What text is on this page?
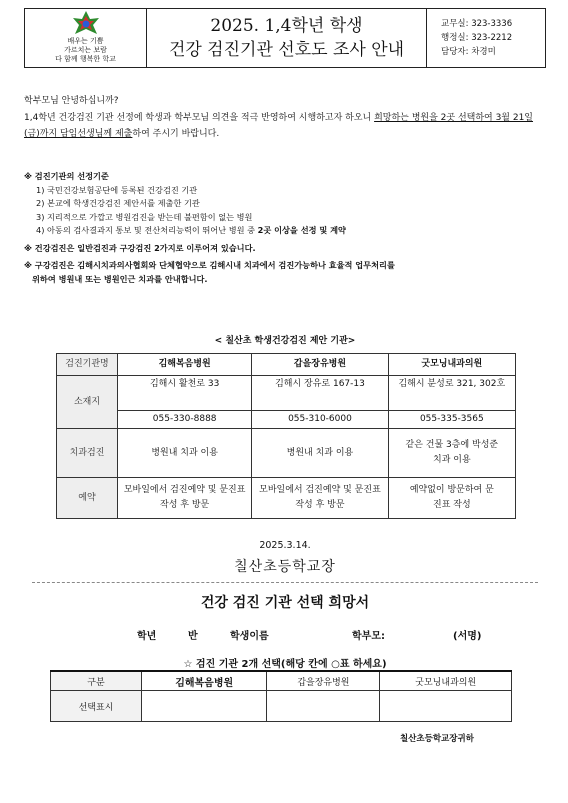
배우는 기쁨
가르치는 보람
다 함께 행복한 학교
2025. 1,4학년 학생
건강 검진기관 선호도 조사 안내
교무실: 323-3336
행정실: 323-2212
담당자: 차경미
학부모님 안녕하십니까?
1,4학년 건강검진 기관 선정에 학생과 학부모님 의견을 적극 반영하여 시행하고자 하오니 희망하는 병원을 2곳 선택하여 3월 21일(금)까지 담임선생님께 제출하여 주시기 바랍니다.
※ 검진기관의 선정기준
1) 국민건강보험공단에 등록된 건강검진 기관
2) 본교에 학생건강검진 제안서를 제출한 기관
3) 지리적으로 가깝고 병원검진을 받는데 불편함이 없는 병원
4) 아동의 검사결과지 통보 및 전산처리능력이 뛰어난 병원 중 2곳 이상을 선정 및 계약
※ 건강검진은 일반검진과 구강검진 2가지로 이루어져 있습니다.
※ 구강검진은 김해시치과의사협회와 단체협약으로 김해시내 치과에서 검진가능하나 효율적 업무처리를
위하여 병원내 또는 병원인근 치과를 안내합니다.
< 칠산초 학생건강검진 제안 기관>
검진기관명	김해복음병원	갑을장유병원	굿모닝내과의원
소재지	김해시 활천로 33	김해시 장유로 167-13	김해시 분성로 321, 302호
	055-330-8888	055-310-6000	055-335-3565
치과검진	병원내 치과 이용	병원내 치과 이용	같은 건물 3층에 박성준치과 이용
예약	모바일에서 검진예약 및 문진표작성 후 방문	모바일에서 검진예약 및 문진표 작성 후 방문	예약없이 방문하여 문진표 작성
2025.3.14.
칠산초등학교장
건강 검진 기관 선택 희망서
학년	반	학생이름	학부모:	(서명)
☆ 검진 기관 2개 선택(해당 칸에 ○표 하세요)
구분	김해복음병원	갑을장유병원	굿모닝내과의원
선택표시			
칠산초등학교장귀하
